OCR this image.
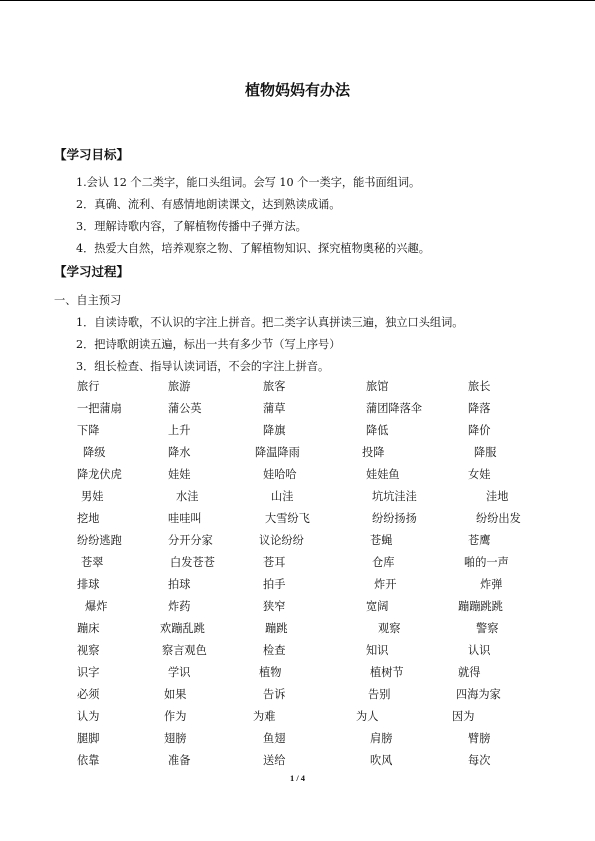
植物妈妈有办法
【学习目标】
1.会认 12 个二类字，能口头组词。会写 10 个一类字，能书面组词。
2．真确、流利、有感情地朗读课文，达到熟读成诵。
3．理解诗歌内容，了解植物传播中子弹方法。
4．热爱大自然，培养观察之物、了解植物知识、探究植物奥秘的兴趣。
【学习过程】
一、自主预习
1．自读诗歌，不认识的字注上拼音。把二类字认真拼读三遍，独立口头组词。
2．把诗歌朗读五遍，标出一共有多少节（写上序号）
3．组长检查、指导认读词语，不会的字注上拼音。
旅行	旅游	旅客	旅馆	旅长
一把蒲扇	蒲公英	蒲草	蒲团降落伞	降落
下降	上升	降旗	降低	降价
降级	降水	降温降雨	投降	降服
降龙伏虎	娃娃	娃哈哈	娃娃鱼	女娃
男娃	水洼	山洼	坑坑洼洼	洼地
挖地	哇哇叫	大雪纷飞	纷纷扬扬	纷纷出发
纷纷逃跑	分开分家	议论纷纷	苍蝇	苍鹰
苍翠	白发苍苍	苍耳	仓库	啪的一声
排球	拍球	拍手	炸开	炸弹
爆炸	炸药	狭窄	宽阔	蹦蹦跳跳
蹦床	欢蹦乱跳	蹦跳	观察	警察
视察	察言观色	检查	知识	认识
识字	学识	植物	植树节	就得
必须	如果	告诉	告别	四海为家
认为	作为	为难	为人	因为
腿脚	翅膀	鱼翅	肩膀	臂膀
依靠	准备	送给	吹风	每次
1 / 4
